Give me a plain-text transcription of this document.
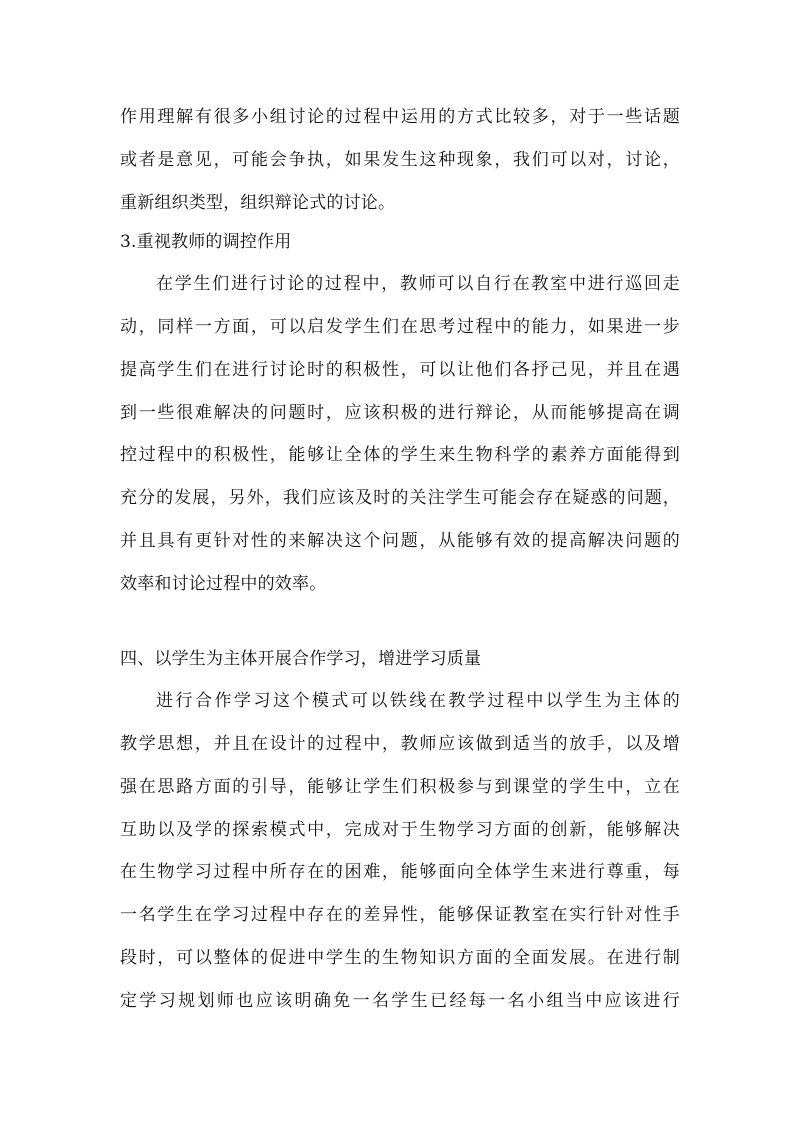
作用理解有很多小组讨论的过程中运用的方式比较多，对于一些话题
或者是意见，可能会争执，如果发生这种现象，我们可以对，讨论，
重新组织类型，组织辩论式的讨论。
3.重视教师的调控作用
在学生们进行讨论的过程中，教师可以自行在教室中进行巡回走
动，同样一方面，可以启发学生们在思考过程中的能力，如果进一步
提高学生们在进行讨论时的积极性，可以让他们各抒己见，并且在遇
到一些很难解决的问题时，应该积极的进行辩论，从而能够提高在调
控过程中的积极性，能够让全体的学生来生物科学的素养方面能得到
充分的发展，另外，我们应该及时的关注学生可能会存在疑惑的问题，
并且具有更针对性的来解决这个问题，从能够有效的提高解决问题的
效率和讨论过程中的效率。
四、以学生为主体开展合作学习，增进学习质量
进行合作学习这个模式可以铁线在教学过程中以学生为主体的
教学思想，并且在设计的过程中，教师应该做到适当的放手，以及增
强在思路方面的引导，能够让学生们积极参与到课堂的学生中，立在
互助以及学的探索模式中，完成对于生物学习方面的创新，能够解决
在生物学习过程中所存在的困难，能够面向全体学生来进行尊重，每
一名学生在学习过程中存在的差异性，能够保证教室在实行针对性手
段时，可以整体的促进中学生的生物知识方面的全面发展。在进行制
定学习规划师也应该明确免一名学生已经每一名小组当中应该进行
